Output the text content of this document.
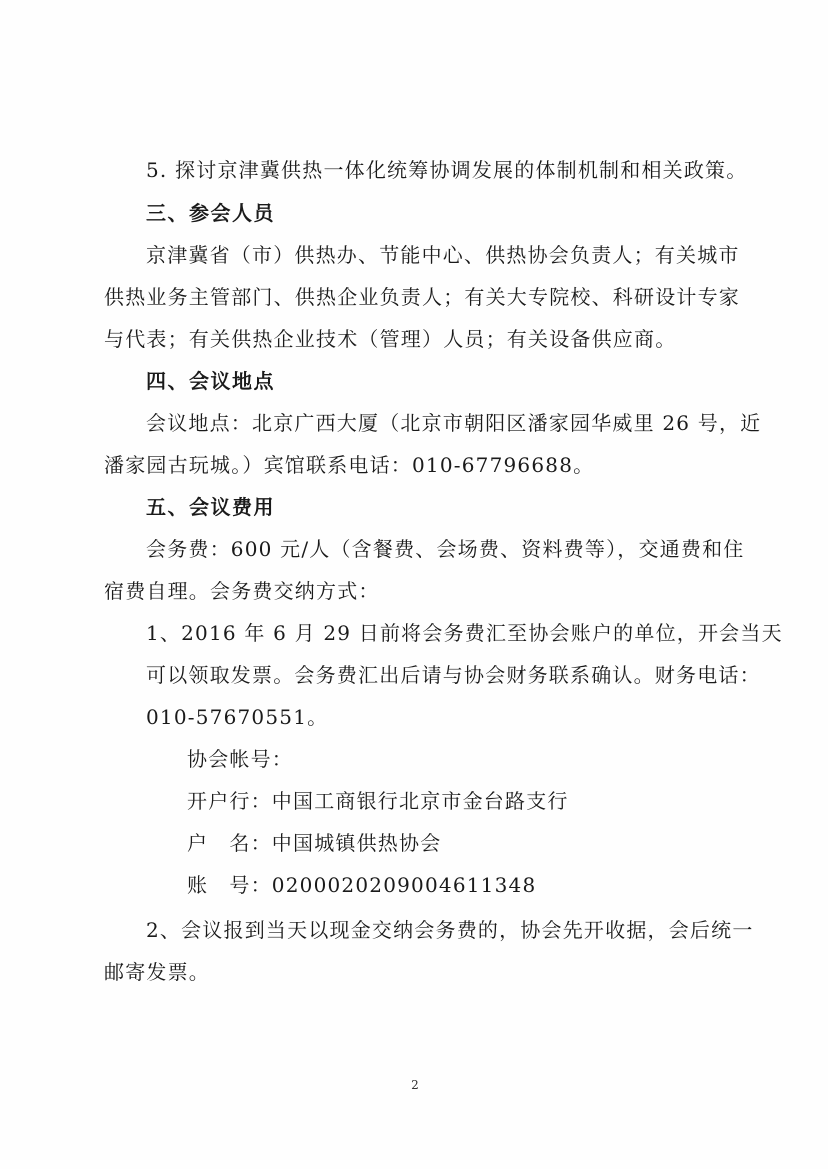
5. 探讨京津冀供热一体化统筹协调发展的体制机制和相关政策。
三、参会人员
京津冀省（市）供热办、节能中心、供热协会负责人；有关城市
供热业务主管部门、供热企业负责人；有关大专院校、科研设计专家
与代表；有关供热企业技术（管理）人员；有关设备供应商。
四、会议地点
会议地点：北京广西大厦（北京市朝阳区潘家园华威里 26 号，近
潘家园古玩城。）宾馆联系电话：010-67796688。
五、会议费用
会务费：600 元/人（含餐费、会场费、资料费等），交通费和住
宿费自理。会务费交纳方式：
1、2016 年 6 月 29 日前将会务费汇至协会账户的单位，开会当天
可以领取发票。会务费汇出后请与协会财务联系确认。财务电话：
010-57670551。
协会帐号：
开户行：中国工商银行北京市金台路支行
户　名：中国城镇供热协会
账　号：0200020209004611348
2、会议报到当天以现金交纳会务费的，协会先开收据，会后统一
邮寄发票。
2
